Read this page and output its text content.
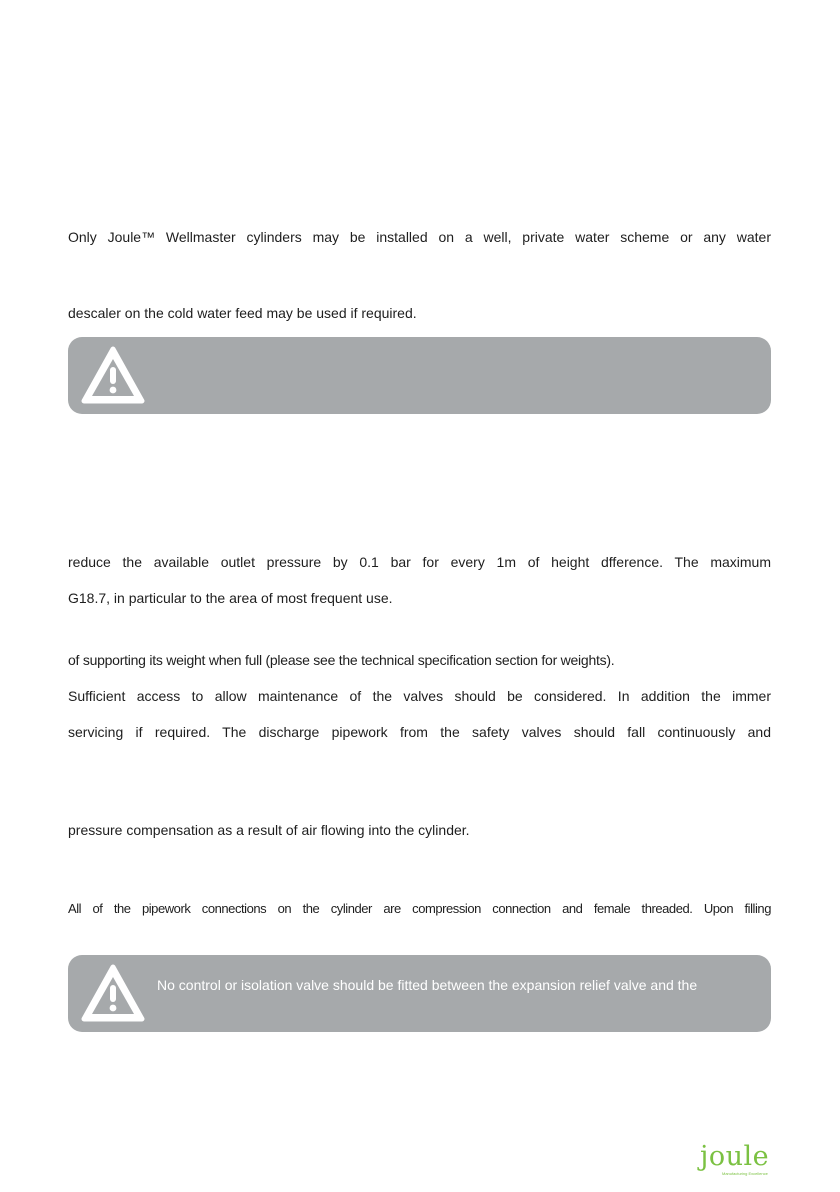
Only Joule™ Wellmaster cylinders may be installed on a well, private water scheme or any water

descaler on the cold water feed may be used if required.

reduce the available outlet pressure by 0.1 bar for every 1m of height dfference. The maximum

G18.7, in particular to the area of most frequent use.

of supporting its weight when full (please see the technical specification section for weights).

Sufficient access to allow maintenance of the valves should be considered. In addition the immer

servicing if required. The discharge pipework from the safety valves should fall continuously and

pressure compensation as a result of air flowing into the cylinder.

All of the pipework connections on the cylinder are compression connection and female threaded. Upon filling

No control or isolation valve should be fitted between the expansion relief valve and the
joule
Manufacturing Excellence
